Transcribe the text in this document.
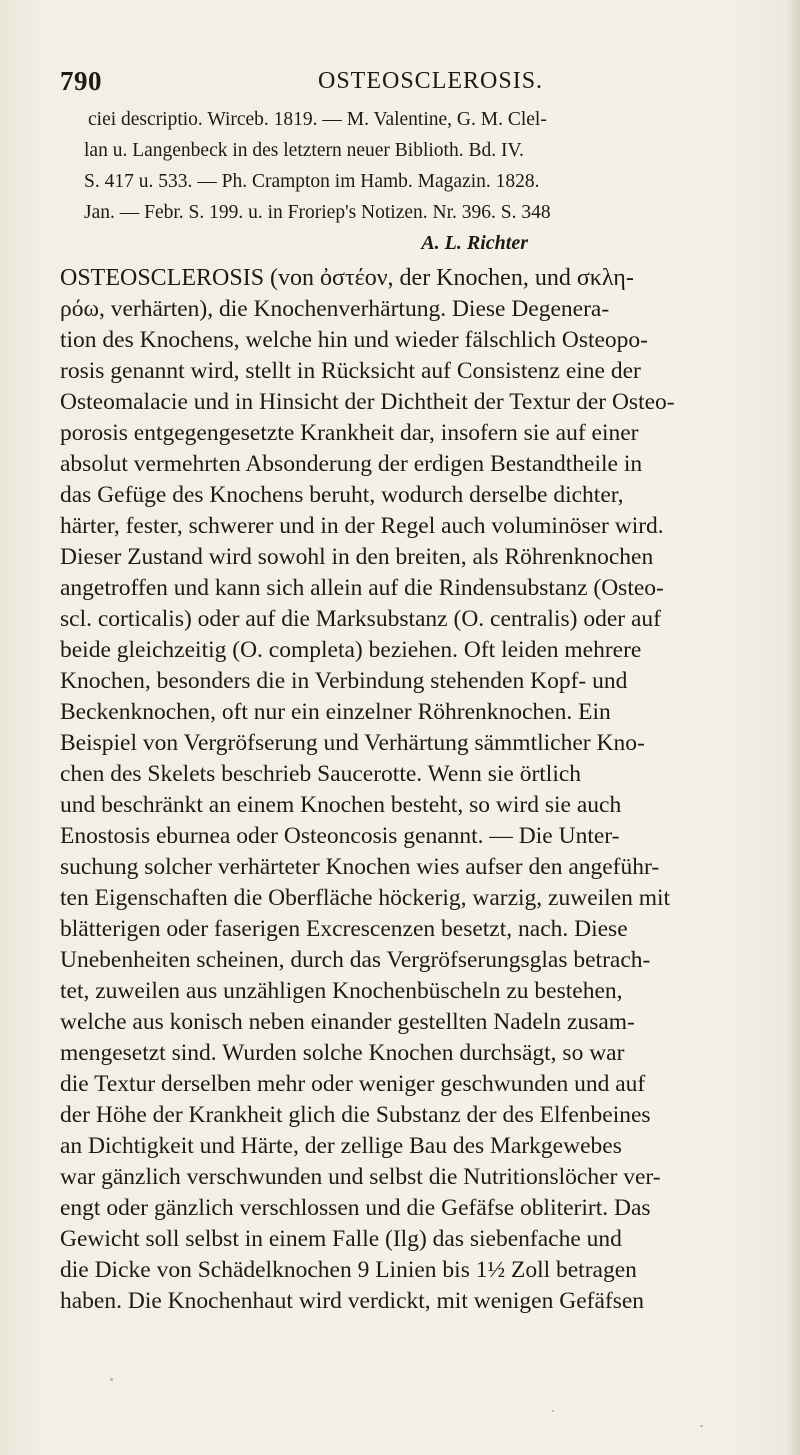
790	OSTEOSCLEROSIS.
ciei descriptio. Wirceb. 1819. — M. Valentine, G. M. Clel-
lan u. Langenbeck in des letztern neuer Biblioth. Bd. IV.
S. 417 u. 533. — Ph. Crampton im Hamb. Magazin. 1828.
Jan. — Febr. S. 199. u. in Froriep's Notizen. Nr. 396. S. 348
A. L. Richter
OSTEOSCLEROSIS (von ὀστέον, der Knochen, und σκλη-
ρόω, verhärten), die Knochenverhärtung. Diese Degenera-
tion des Knochens, welche hin und wieder fälschlich Osteopo-
rosis genannt wird, stellt in Rücksicht auf Consistenz eine der
Osteomalacie und in Hinsicht der Dichtheit der Textur der Osteo-
porosis entgegengesetzte Krankheit dar, insofern sie auf einer
absolut vermehrten Absonderung der erdigen Bestandtheile in
das Gefüge des Knochens beruht, wodurch derselbe dichter,
härter, fester, schwerer und in der Regel auch voluminöser wird.
Dieser Zustand wird sowohl in den breiten, als Röhrenknochen
angetroffen und kann sich allein auf die Rindensubstanz (Osteo-
scl. corticalis) oder auf die Marksubstanz (O. centralis) oder auf
beide gleichzeitig (O. completa) beziehen. Oft leiden mehrere
Knochen, besonders die in Verbindung stehenden Kopf- und
Beckenknochen, oft nur ein einzelner Röhrenknochen. Ein
Beispiel von Vergröfserung und Verhärtung sämmtlicher Kno-
chen des Skelets beschrieb Saucerotte. Wenn sie örtlich
und beschränkt an einem Knochen besteht, so wird sie auch
Enostosis eburnea oder Osteoncosis genannt. — Die Unter-
suchung solcher verhärteter Knochen wies aufser den angeführ-
ten Eigenschaften die Oberfläche höckerig, warzig, zuweilen mit
blätterigen oder faserigen Excrescenzen besetzt, nach. Diese
Unebenheiten scheinen, durch das Vergröfserungsglas betrach-
tet, zuweilen aus unzähligen Knochenbüscheln zu bestehen,
welche aus konisch neben einander gestellten Nadeln zusam-
mengesetzt sind. Wurden solche Knochen durchsägt, so war
die Textur derselben mehr oder weniger geschwunden und auf
der Höhe der Krankheit glich die Substanz der des Elfenbeines
an Dichtigkeit und Härte, der zellige Bau des Markgewebes
war gänzlich verschwunden und selbst die Nutritionslöcher ver-
engt oder gänzlich verschlossen und die Gefäfse obliterirt. Das
Gewicht soll selbst in einem Falle (Ilg) das siebenfache und
die Dicke von Schädelknochen 9 Linien bis 1½ Zoll betragen
haben. Die Knochenhaut wird verdickt, mit wenigen Gefäfsen
